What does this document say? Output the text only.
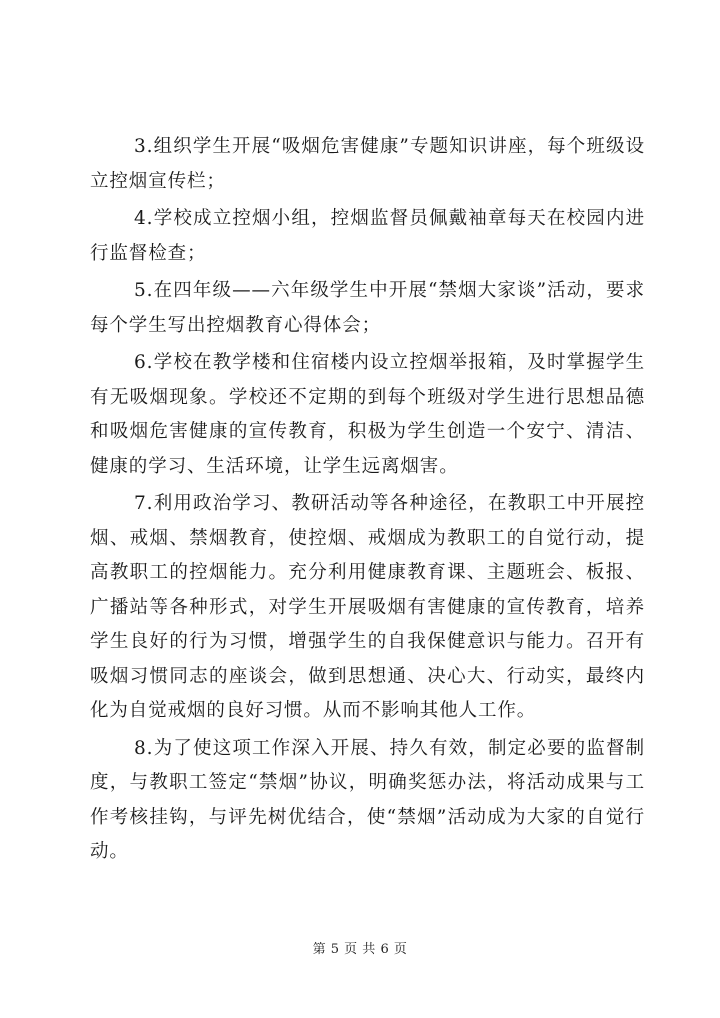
3.组织学生开展“吸烟危害健康”专题知识讲座，每个班级设立控烟宣传栏；

4.学校成立控烟小组，控烟监督员佩戴袖章每天在校园内进行监督检查；

5.在四年级——六年级学生中开展“禁烟大家谈”活动，要求每个学生写出控烟教育心得体会；

6.学校在教学楼和住宿楼内设立控烟举报箱，及时掌握学生有无吸烟现象。学校还不定期的到每个班级对学生进行思想品德和吸烟危害健康的宣传教育，积极为学生创造一个安宁、清洁、健康的学习、生活环境，让学生远离烟害。

7.利用政治学习、教研活动等各种途径，在教职工中开展控烟、戒烟、禁烟教育，使控烟、戒烟成为教职工的自觉行动，提高教职工的控烟能力。充分利用健康教育课、主题班会、板报、广播站等各种形式，对学生开展吸烟有害健康的宣传教育，培养学生良好的行为习惯，增强学生的自我保健意识与能力。召开有吸烟习惯同志的座谈会，做到思想通、决心大、行动实，最终内化为自觉戒烟的良好习惯。从而不影响其他人工作。

8.为了使这项工作深入开展、持久有效，制定必要的监督制度，与教职工签定“禁烟”协议，明确奖惩办法，将活动成果与工作考核挂钩，与评先树优结合，使“禁烟”活动成为大家的自觉行动。

第 5 页 共 6 页
